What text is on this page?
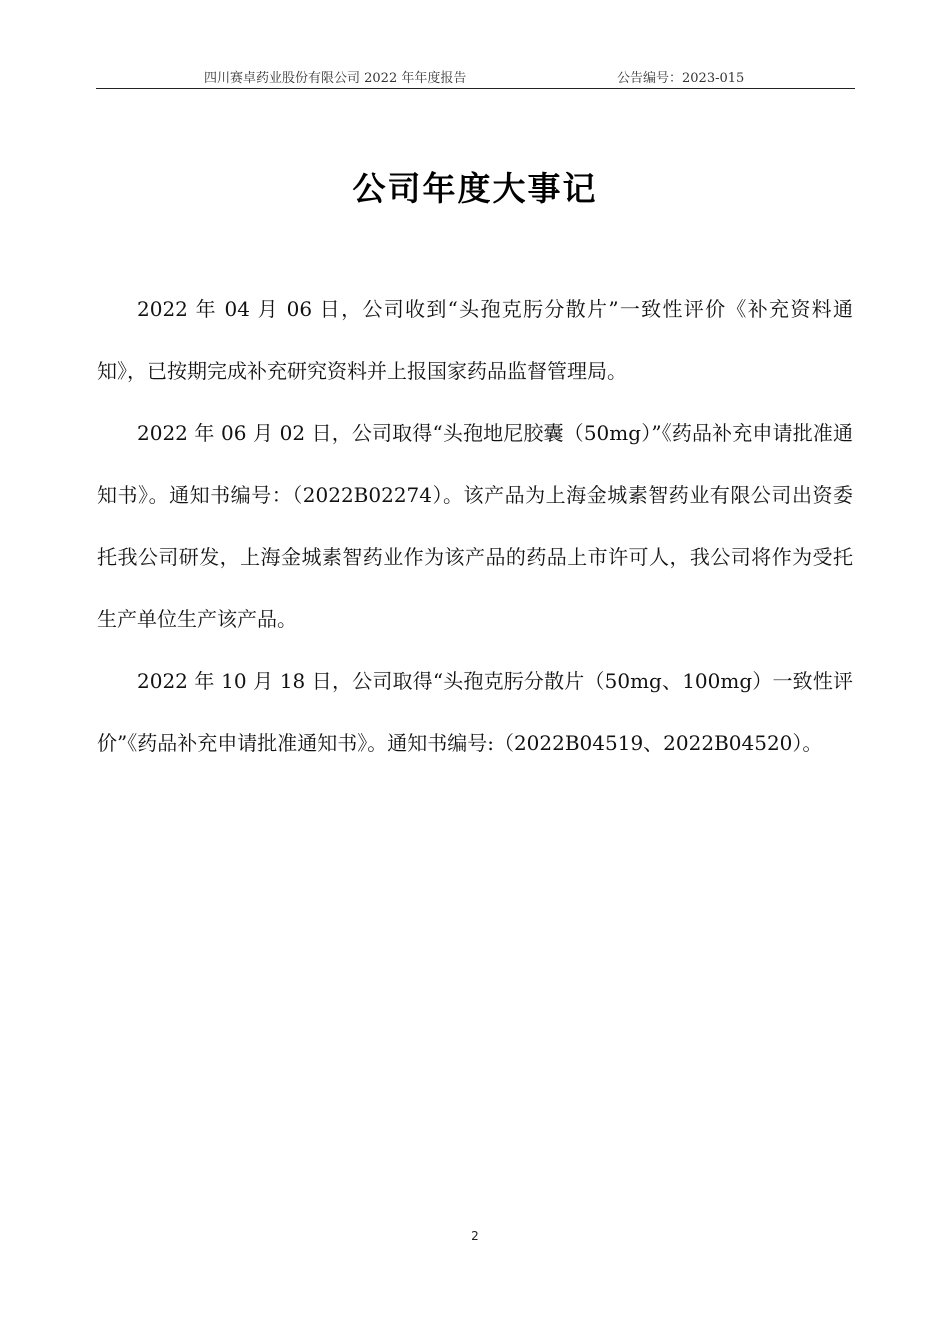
四川赛卓药业股份有限公司 2022 年年度报告	公告编号：2023-015
公司年度大事记

2022 年 04 月 06 日，公司收到“头孢克肟分散片”一致性评价《补充资料通知》，已按期完成补充研究资料并上报国家药品监督管理局。

2022 年 06 月 02 日，公司取得“头孢地尼胶囊（50mg）”《药品补充申请批准通知书》。通知书编号：（2022B02274）。该产品为上海金城素智药业有限公司出资委托我公司研发，上海金城素智药业作为该产品的药品上市许可人，我公司将作为受托生产单位生产该产品。

2022 年 10 月 18 日，公司取得“头孢克肟分散片（50mg、100mg）一致性评价”《药品补充申请批准通知书》。通知书编号:（2022B04519、2022B04520）。

2
